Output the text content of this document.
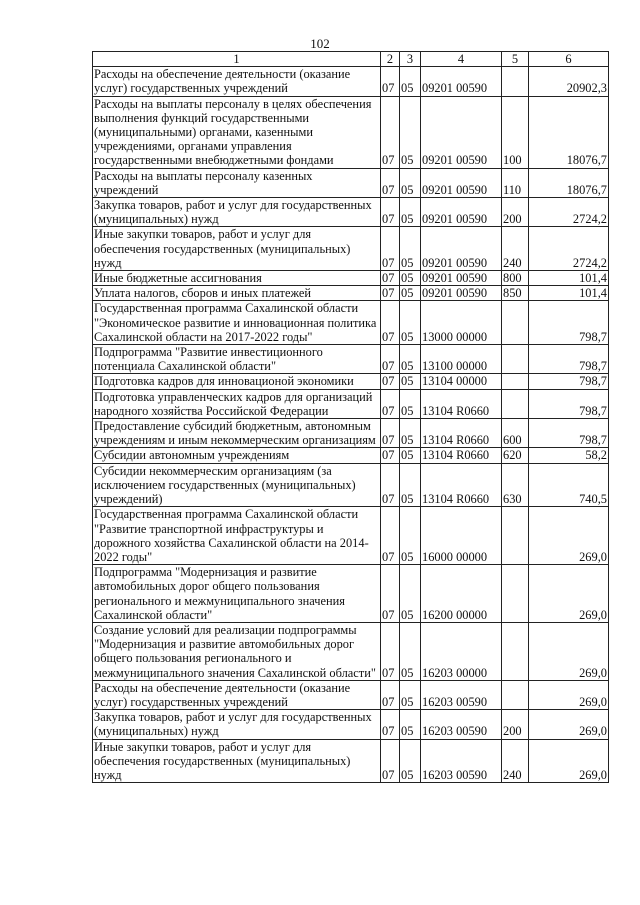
102
1	2	3	4	5	6
Расходы на обеспечение деятельности (оказание услуг) государственных учреждений	07	05	09201 00590		20902,3
Расходы на выплаты персоналу в целях обеспечения выполнения функций государственными (муниципальными) органами, казенными учреждениями, органами управления государственными внебюджетными фондами	07	05	09201 00590	100	18076,7
Расходы на выплаты персоналу казенных учреждений	07	05	09201 00590	110	18076,7
Закупка товаров, работ и услуг для государственных (муниципальных) нужд	07	05	09201 00590	200	2724,2
Иные закупки товаров, работ и услуг для обеспечения государственных (муниципальных) нужд	07	05	09201 00590	240	2724,2
Иные бюджетные ассигнования	07	05	09201 00590	800	101,4
Уплата налогов, сборов и иных платежей	07	05	09201 00590	850	101,4
Государственная программа Сахалинской области "Экономическое развитие и инновационная политика Сахалинской области на 2017-2022 годы"	07	05	13000 00000		798,7
Подпрограмма "Развитие инвестиционного потенциала Сахалинской области"	07	05	13100 00000		798,7
Подготовка кадров для инновационой экономики	07	05	13104 00000		798,7
Подготовка управленческих кадров для организаций народного хозяйства Российской Федерации	07	05	13104 R0660		798,7
Предоставление субсидий бюджетным, автономным учреждениям и иным некоммерческим организациям	07	05	13104 R0660	600	798,7
Субсидии автономным учреждениям	07	05	13104 R0660	620	58,2
Субсидии некоммерческим организациям (за исключением государственных (муниципальных) учреждений)	07	05	13104 R0660	630	740,5
Государственная программа Сахалинской области "Развитие транспортной инфраструктуры и дорожного хозяйства Сахалинской области на 2014-2022 годы"	07	05	16000 00000		269,0
Подпрограмма "Модернизация и развитие автомобильных дорог общего пользования регионального и межмуниципального значения Сахалинской области"	07	05	16200 00000		269,0
Создание условий для реализации подпрограммы "Модернизация и развитие автомобильных дорог общего пользования регионального и межмуниципального значения Сахалинской области"	07	05	16203 00000		269,0
Расходы на обеспечение деятельности (оказание услуг) государственных учреждений	07	05	16203 00590		269,0
Закупка товаров, работ и услуг для государственных (муниципальных) нужд	07	05	16203 00590	200	269,0
Иные закупки товаров, работ и услуг для обеспечения государственных (муниципальных) нужд	07	05	16203 00590	240	269,0
